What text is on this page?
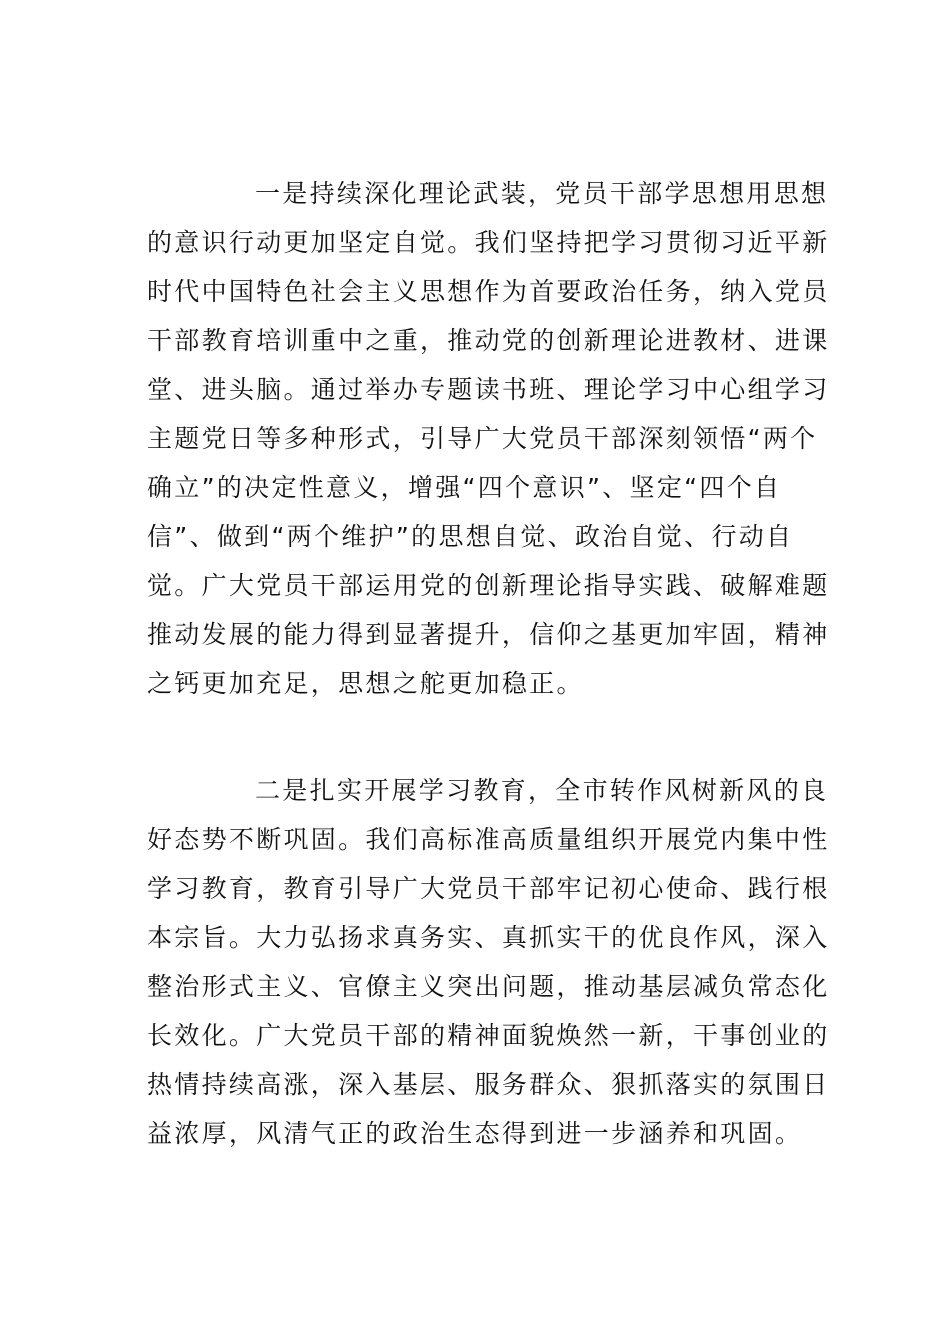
一是持续深化理论武装，党员干部学思想用思想
的意识行动更加坚定自觉。我们坚持把学习贯彻习近平新
时代中国特色社会主义思想作为首要政治任务，纳入党员
干部教育培训重中之重，推动党的创新理论进教材、进课
堂、进头脑。通过举办专题读书班、理论学习中心组学习
主题党日等多种形式，引导广大党员干部深刻领悟“两个
确立”的决定性意义，增强“四个意识”、坚定“四个自
信”、做到“两个维护”的思想自觉、政治自觉、行动自
觉。广大党员干部运用党的创新理论指导实践、破解难题
推动发展的能力得到显著提升，信仰之基更加牢固，精神
之钙更加充足，思想之舵更加稳正。
二是扎实开展学习教育，全市转作风树新风的良
好态势不断巩固。我们高标准高质量组织开展党内集中性
学习教育，教育引导广大党员干部牢记初心使命、践行根
本宗旨。大力弘扬求真务实、真抓实干的优良作风，深入
整治形式主义、官僚主义突出问题，推动基层减负常态化
长效化。广大党员干部的精神面貌焕然一新，干事创业的
热情持续高涨，深入基层、服务群众、狠抓落实的氛围日
益浓厚，风清气正的政治生态得到进一步涵养和巩固。
